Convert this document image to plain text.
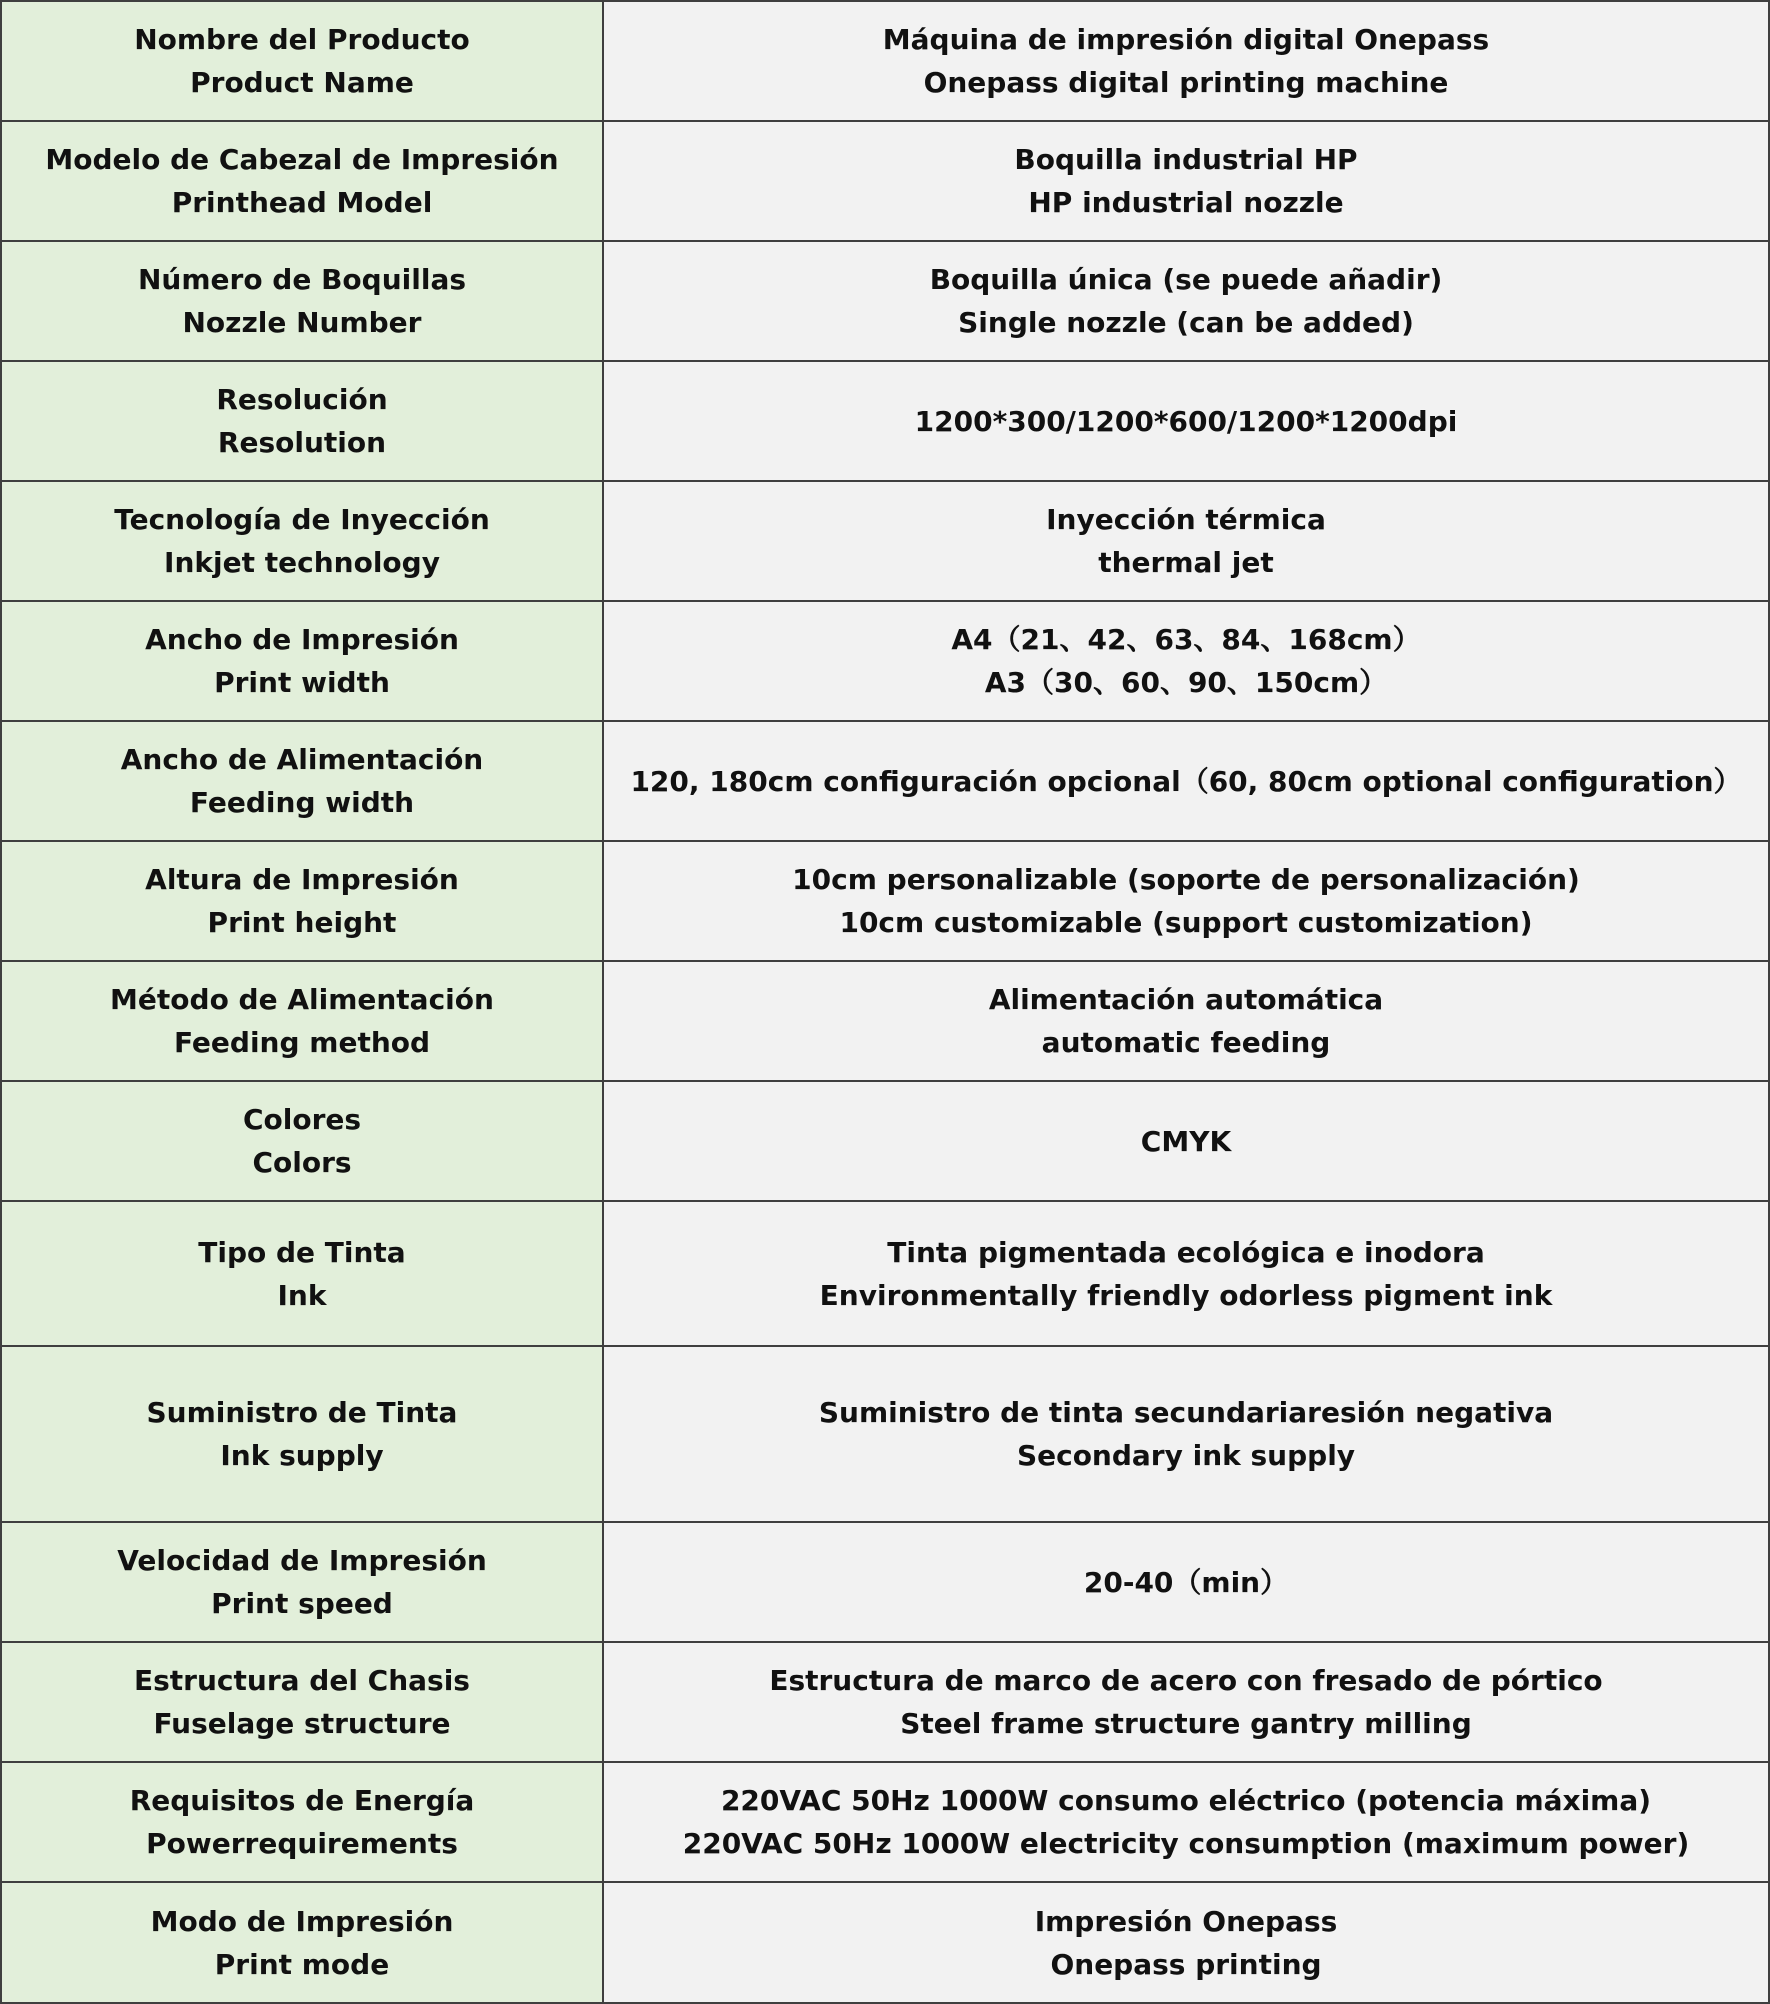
Nombre del Producto
Product Name	Máquina de impresión digital Onepass
Onepass digital printing machine

Modelo de Cabezal de Impresión
Printhead Model	Boquilla industrial HP
HP industrial nozzle

Número de Boquillas
Nozzle Number	Boquilla única (se puede añadir)
Single nozzle (can be added)

Resolución
Resolution	1200*300/1200*600/1200*1200dpi

Tecnología de Inyección
Inkjet technology	Inyección térmica
thermal jet

Ancho de Impresión
Print width	A4（21、42、63、84、168cm）
A3（30、60、90、150cm）

Ancho de Alimentación
Feeding width	120, 180cm configuración opcional（60, 80cm optional configuration）

Altura de Impresión
Print height	10cm personalizable (soporte de personalización)
10cm customizable (support customization)

Método de Alimentación
Feeding method	Alimentación automática
automatic feeding

Colores
Colors	CMYK

Tipo de Tinta
Ink	Tinta pigmentada ecológica e inodora
Environmentally friendly odorless pigment ink

Suministro de Tinta
Ink supply	Suministro de tinta secundariaresión negativa
Secondary ink supply

Velocidad de Impresión
Print speed	20-40（min）

Estructura del Chasis
Fuselage structure	Estructura de marco de acero con fresado de pórtico
Steel frame structure gantry milling

Requisitos de Energía
Powerrequirements	220VAC 50Hz 1000W consumo eléctrico (potencia máxima)
220VAC 50Hz 1000W electricity consumption (maximum power)

Modo de Impresión
Print mode	Impresión Onepass
Onepass printing
